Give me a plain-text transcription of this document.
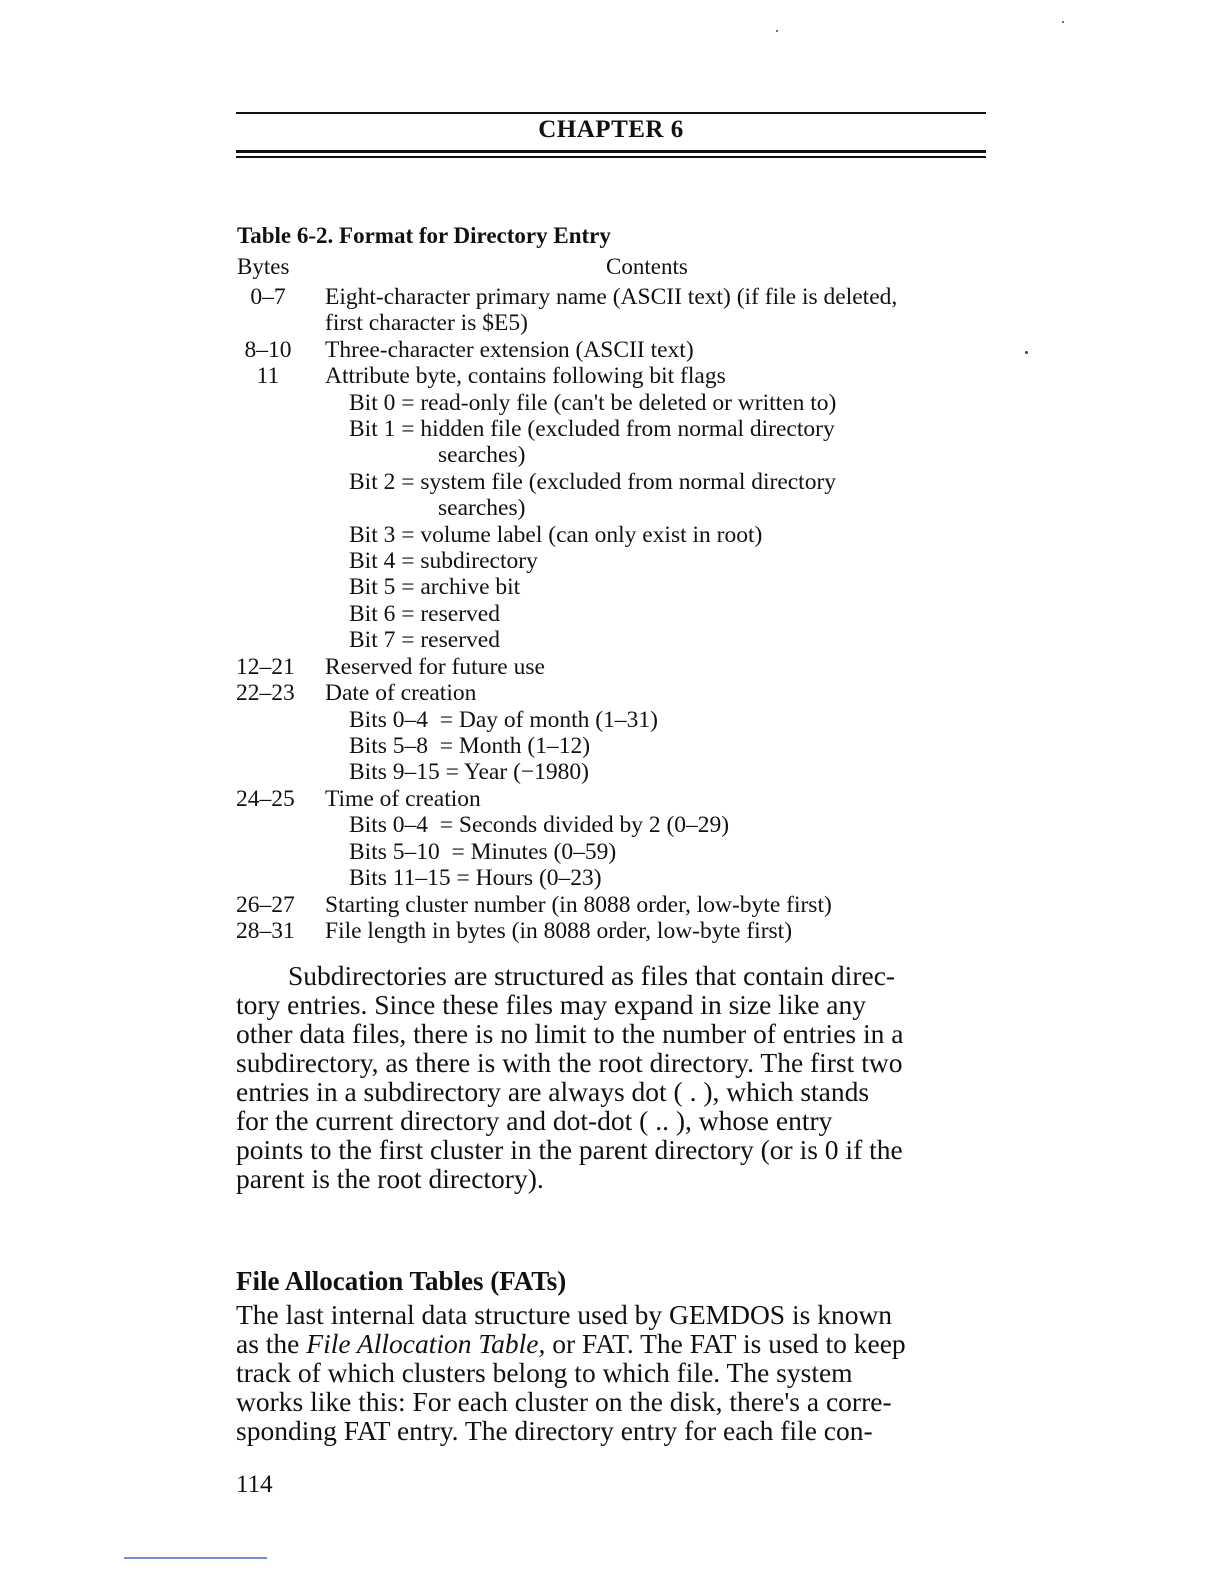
CHAPTER 6
Table 6-2. Format for Directory Entry
Bytes	Contents
0–7	Eight-character primary name (ASCII text) (if file is deleted,
first character is $E5)
8–10	Three-character extension (ASCII text)
11	Attribute byte, contains following bit flags
Bit 0 = read-only file (can't be deleted or written to)
Bit 1 = hidden file (excluded from normal directory
searches)
Bit 2 = system file (excluded from normal directory
searches)
Bit 3 = volume label (can only exist in root)
Bit 4 = subdirectory
Bit 5 = archive bit
Bit 6 = reserved
Bit 7 = reserved
12–21 Reserved for future use
22–23 Date of creation
Bits 0–4  = Day of month (1–31)
Bits 5–8  = Month (1–12)
Bits 9–15 = Year (−1980)
24–25 Time of creation
Bits 0–4  = Seconds divided by 2 (0–29)
Bits 5–10  = Minutes (0–59)
Bits 11–15 = Hours (0–23)
26–27 Starting cluster number (in 8088 order, low-byte first)
28–31 File length in bytes (in 8088 order, low-byte first)
Subdirectories are structured as files that contain direc-
tory entries. Since these files may expand in size like any
other data files, there is no limit to the number of entries in a
subdirectory, as there is with the root directory. The first two
entries in a subdirectory are always dot ( . ), which stands
for the current directory and dot-dot ( .. ), whose entry
points to the first cluster in the parent directory (or is 0 if the
parent is the root directory).
File Allocation Tables (FATs)
The last internal data structure used by GEMDOS is known
as the File Allocation Table, or FAT. The FAT is used to keep
track of which clusters belong to which file. The system
works like this: For each cluster on the disk, there's a corre-
sponding FAT entry. The directory entry for each file con-
114
